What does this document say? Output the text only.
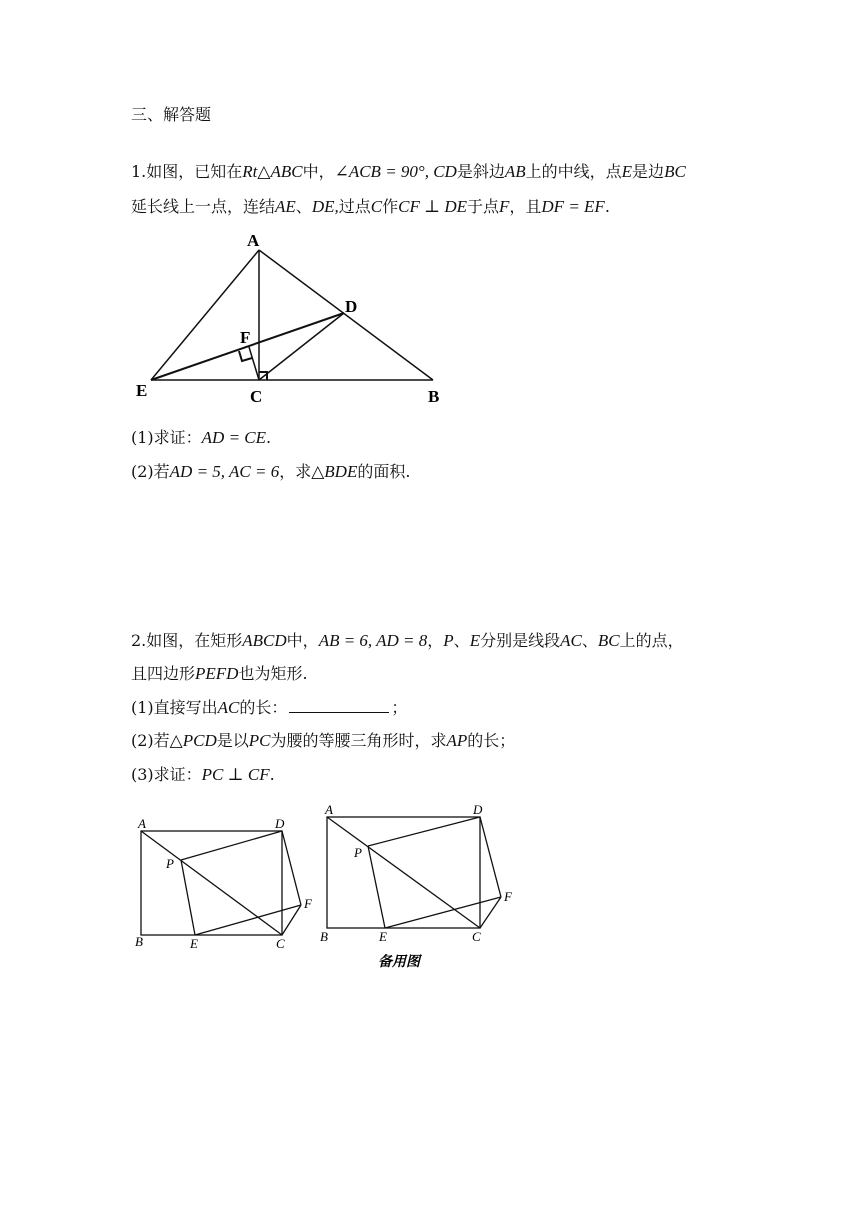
三、解答题
1.如图，已知在Rt△ABC中，∠ACB = 90°, CD是斜边AB上的中线，点E是边BC
延长线上一点，连结AE、DE,过点C作CF ⊥ DE于点F，且DF = EF.
A
D
F
E	C	B
(1)求证：AD = CE.
(2)若AD = 5, AC = 6，求△BDE的面积.
2.如图，在矩形ABCD中，AB = 6, AD = 8，P、E分别是线段AC、BC上的点，
且四边形PEFD也为矩形.
(1)直接写出AC的长：	；
(2)若△PCD是以PC为腰的等腰三角形时，求AP的长；
(3)求证：PC ⊥ CF.
A	D
P
F
B	E	C
A	D
P
F
B	E	C
备用图
